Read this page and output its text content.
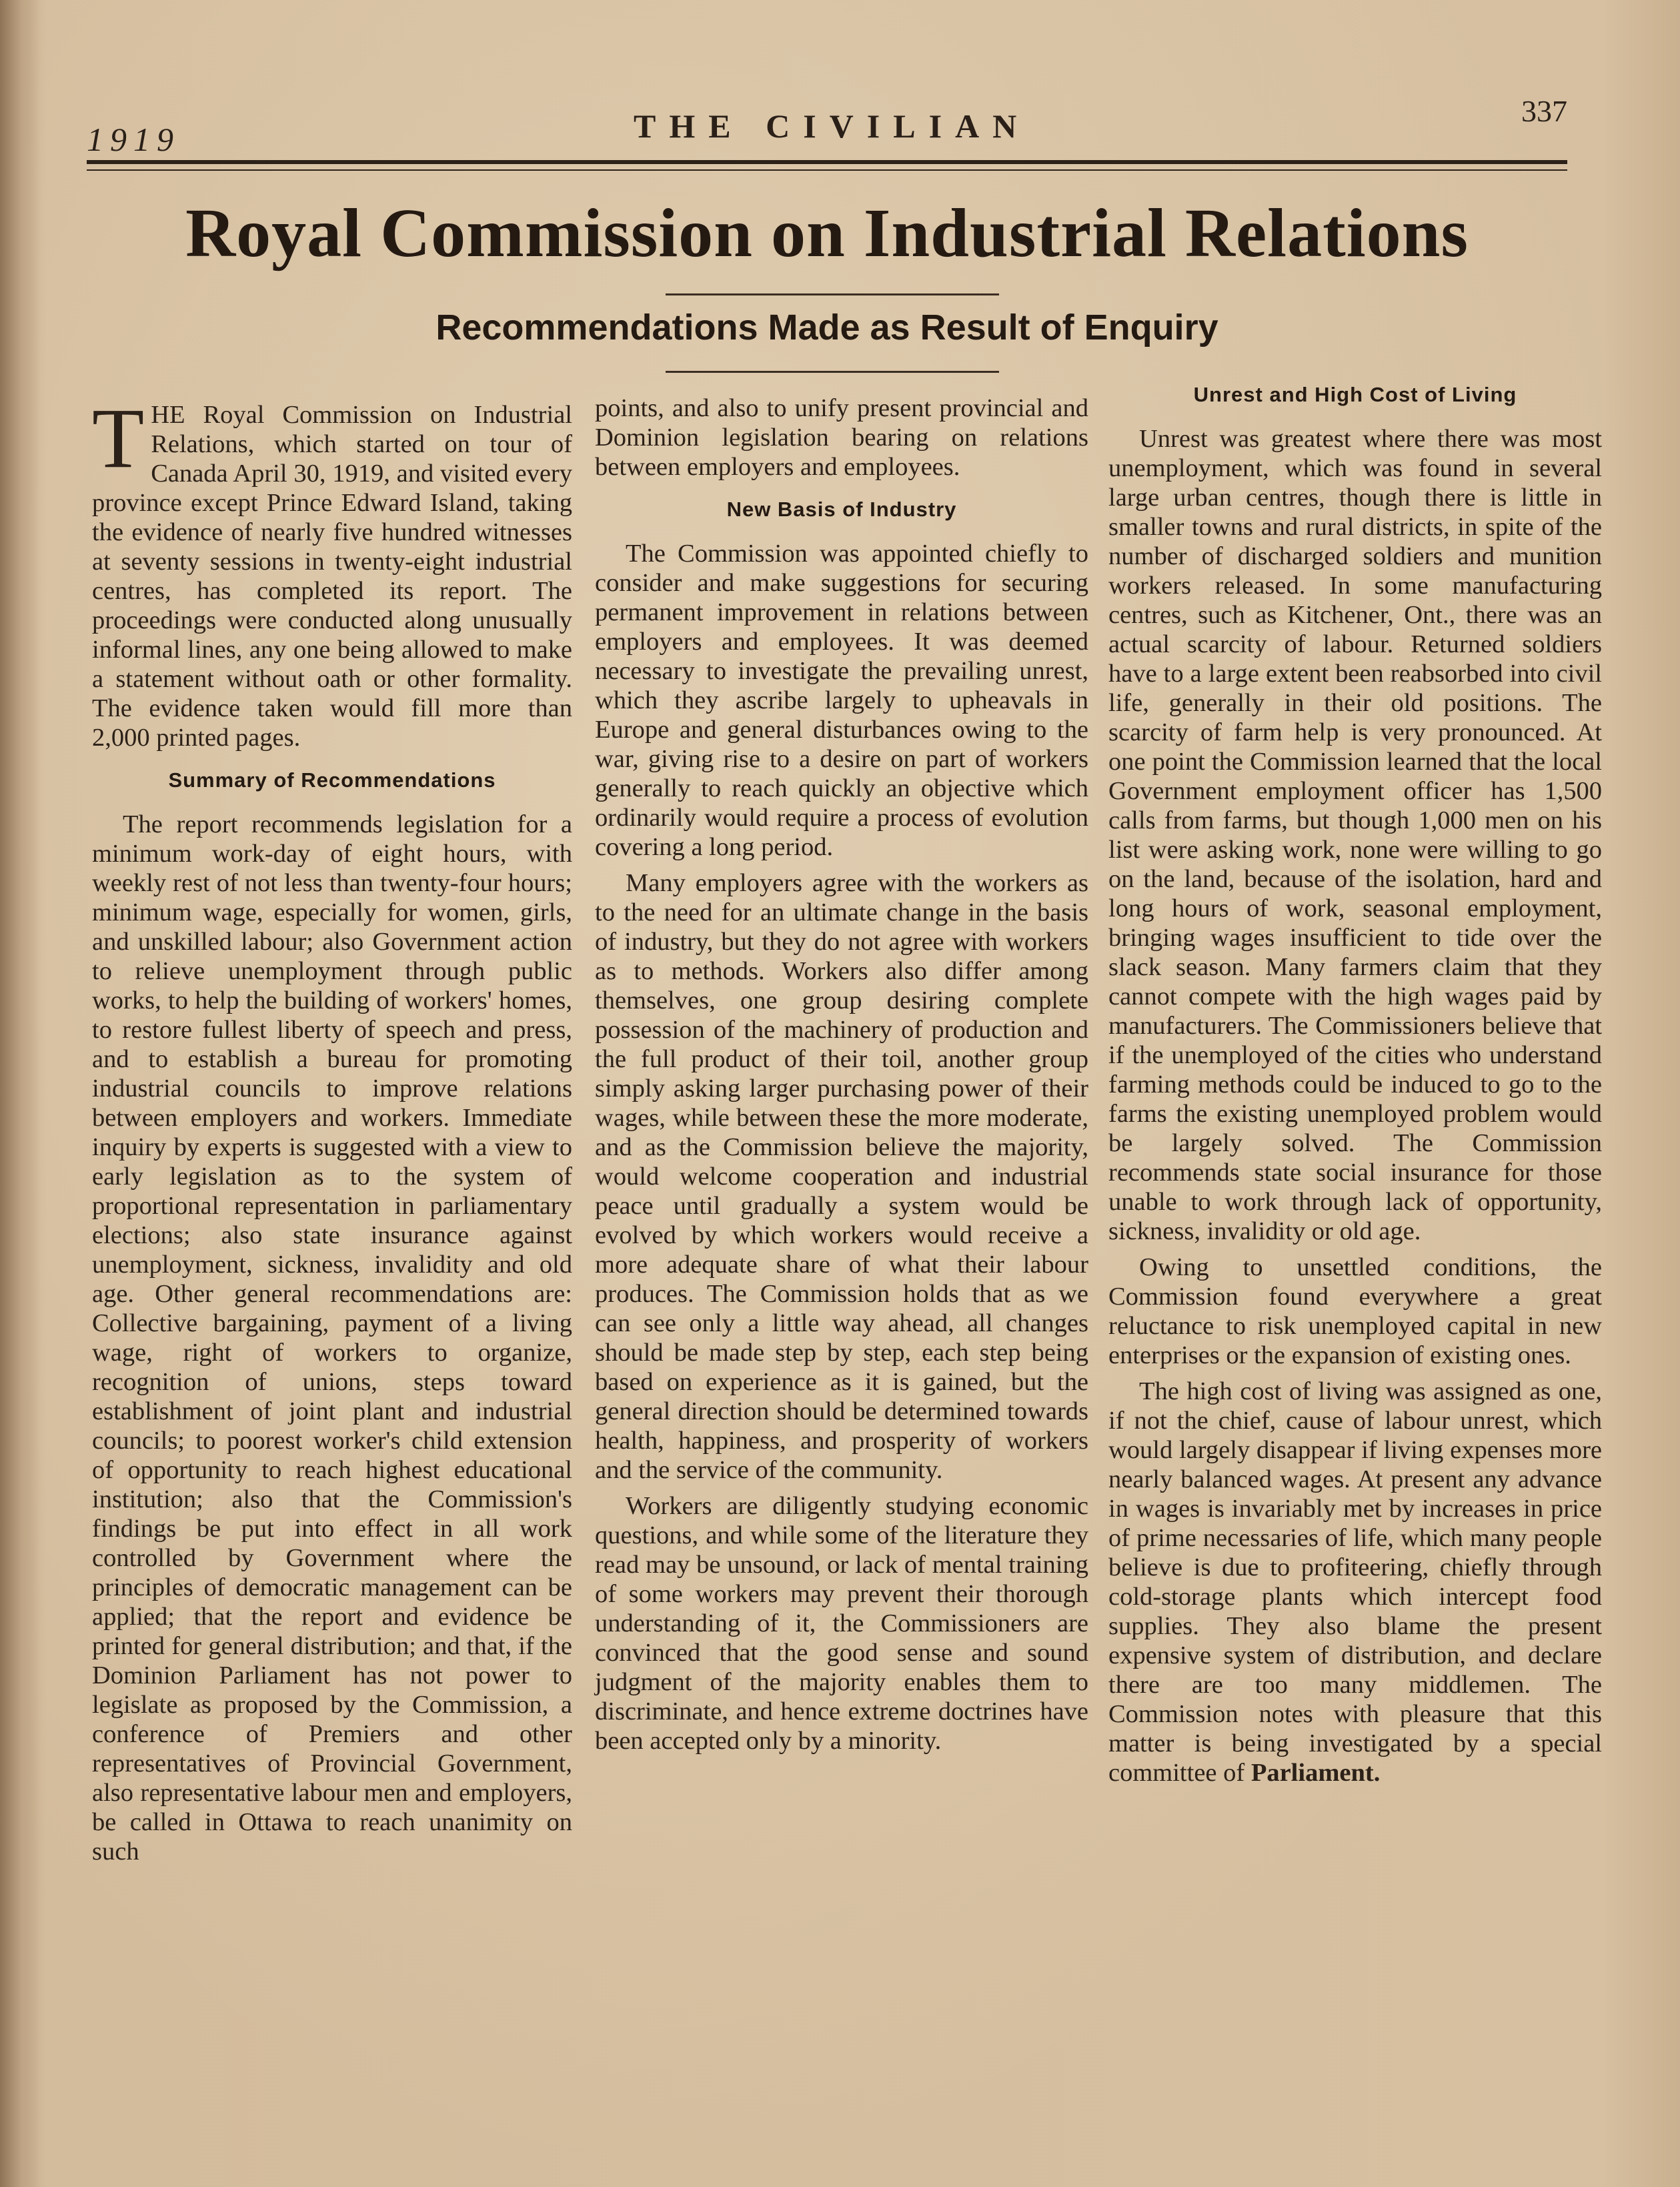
1919	THE CIVILIAN	337
Royal Commission on Industrial Relations
Recommendations Made as Result of Enquiry

THE Royal Commission on Industrial Relations, which started on tour of Canada April 30, 1919, and visited every province except Prince Edward Island, taking the evidence of nearly five hundred witnesses at seventy sessions in twenty-eight industrial centres, has completed its report. The proceedings were conducted along unusually informal lines, any one being allowed to make a statement without oath or other formality. The evidence taken would fill more than 2,000 printed pages.

Summary of Recommendations

The report recommends legislation for a minimum work-day of eight hours, with weekly rest of not less than twenty-four hours; minimum wage, especially for women, girls, and unskilled labour; also Government action to relieve unemployment through public works, to help the building of workers' homes, to restore fullest liberty of speech and press, and to establish a bureau for promoting industrial councils to improve relations between employers and workers. Immediate inquiry by experts is suggested with a view to early legislation as to the system of proportional representation in parliamentary elections; also state insurance against unemployment, sickness, invalidity and old age. Other general recommendations are: Collective bargaining, payment of a living wage, right of workers to organize, recognition of unions, steps toward establishment of joint plant and industrial councils; to poorest worker's child extension of opportunity to reach highest educational institution; also that the Commission's findings be put into effect in all work controlled by Government where the principles of democratic management can be applied; that the report and evidence be printed for general distribution; and that, if the Dominion Parliament has not power to legislate as proposed by the Commission, a conference of Premiers and other representatives of Provincial Government, also representative labour men and employers, be called in Ottawa to reach unanimity on such

points, and also to unify present provincial and Dominion legislation bearing on relations between employers and employees.

New Basis of Industry

The Commission was appointed chiefly to consider and make suggestions for securing permanent improvement in relations between employers and employees. It was deemed necessary to investigate the prevailing unrest, which they ascribe largely to upheavals in Europe and general disturbances owing to the war, giving rise to a desire on part of workers generally to reach quickly an objective which ordinarily would require a process of evolution covering a long period.

Many employers agree with the workers as to the need for an ultimate change in the basis of industry, but they do not agree with workers as to methods. Workers also differ among themselves, one group desiring complete possession of the machinery of production and the full product of their toil, another group simply asking larger purchasing power of their wages, while between these the more moderate, and as the Commission believe the majority, would welcome cooperation and industrial peace until gradually a system would be evolved by which workers would receive a more adequate share of what their labour produces. The Commission holds that as we can see only a little way ahead, all changes should be made step by step, each step being based on experience as it is gained, but the general direction should be determined towards health, happiness, and prosperity of workers and the service of the community.

Workers are diligently studying economic questions, and while some of the literature they read may be unsound, or lack of mental training of some workers may prevent their thorough understanding of it, the Commissioners are convinced that the good sense and sound judgment of the majority enables them to discriminate, and hence extreme doctrines have been accepted only by a minority.

Unrest and High Cost of Living

Unrest was greatest where there was most unemployment, which was found in several large urban centres, though there is little in smaller towns and rural districts, in spite of the number of discharged soldiers and munition workers released. In some manufacturing centres, such as Kitchener, Ont., there was an actual scarcity of labour. Returned soldiers have to a large extent been reabsorbed into civil life, generally in their old positions. The scarcity of farm help is very pronounced. At one point the Commission learned that the local Government employment officer has 1,500 calls from farms, but though 1,000 men on his list were asking work, none were willing to go on the land, because of the isolation, hard and long hours of work, seasonal employment, bringing wages insufficient to tide over the slack season. Many farmers claim that they cannot compete with the high wages paid by manufacturers. The Commissioners believe that if the unemployed of the cities who understand farming methods could be induced to go to the farms the existing unemployed problem would be largely solved. The Commission recommends state social insurance for those unable to work through lack of opportunity, sickness, invalidity or old age.

Owing to unsettled conditions, the Commission found everywhere a great reluctance to risk unemployed capital in new enterprises or the expansion of existing ones.

The high cost of living was assigned as one, if not the chief, cause of labour unrest, which would largely disappear if living expenses more nearly balanced wages. At present any advance in wages is invariably met by increases in price of prime necessaries of life, which many people believe is due to profiteering, chiefly through cold-storage plants which intercept food supplies. They also blame the present expensive system of distribution, and declare there are too many middlemen. The Commission notes with pleasure that this matter is being investigated by a special committee of Parliament.
